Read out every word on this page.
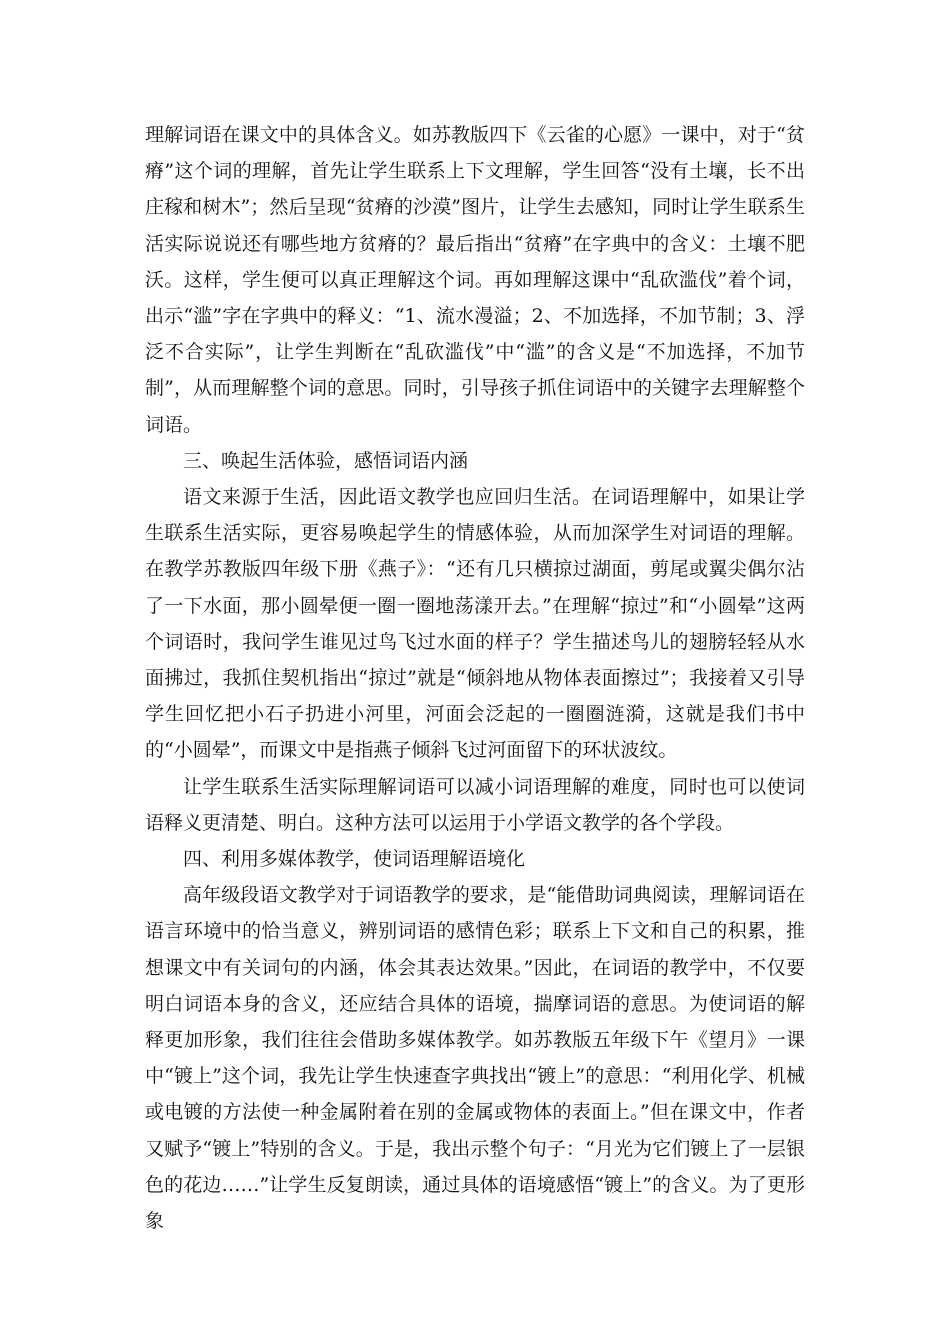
理解词语在课文中的具体含义。如苏教版四下《云雀的心愿》一课中，对于“贫瘠”这个词的理解，首先让学生联系上下文理解，学生回答“没有土壤，长不出庄稼和树木”；然后呈现“贫瘠的沙漠”图片，让学生去感知，同时让学生联系生活实际说说还有哪些地方贫瘠的？最后指出“贫瘠”在字典中的含义：土壤不肥沃。这样，学生便可以真正理解这个词。再如理解这课中“乱砍滥伐”着个词，出示“滥”字在字典中的释义：“1、流水漫溢；2、不加选择，不加节制；3、浮泛不合实际”，让学生判断在“乱砍滥伐”中“滥”的含义是“不加选择，不加节制”，从而理解整个词的意思。同时，引导孩子抓住词语中的关键字去理解整个词语。

三、唤起生活体验，感悟词语内涵

语文来源于生活，因此语文教学也应回归生活。在词语理解中，如果让学生联系生活实际，更容易唤起学生的情感体验，从而加深学生对词语的理解。在教学苏教版四年级下册《燕子》：“还有几只横掠过湖面，剪尾或翼尖偶尔沾了一下水面，那小圆晕便一圈一圈地荡漾开去。”在理解“掠过”和“小圆晕”这两个词语时，我问学生谁见过鸟飞过水面的样子？学生描述鸟儿的翅膀轻轻从水面拂过，我抓住契机指出“掠过”就是“倾斜地从物体表面擦过”；我接着又引导学生回忆把小石子扔进小河里，河面会泛起的一圈圈涟漪，这就是我们书中的“小圆晕”，而课文中是指燕子倾斜飞过河面留下的环状波纹。

让学生联系生活实际理解词语可以减小词语理解的难度，同时也可以使词语释义更清楚、明白。这种方法可以运用于小学语文教学的各个学段。

四、利用多媒体教学，使词语理解语境化

高年级段语文教学对于词语教学的要求，是“能借助词典阅读，理解词语在语言环境中的恰当意义，辨别词语的感情色彩；联系上下文和自己的积累，推想课文中有关词句的内涵，体会其表达效果。”因此，在词语的教学中，不仅要明白词语本身的含义，还应结合具体的语境，揣摩词语的意思。为使词语的解释更加形象，我们往往会借助多媒体教学。如苏教版五年级下午《望月》一课中“镀上”这个词，我先让学生快速查字典找出“镀上”的意思：“利用化学、机械或电镀的方法使一种金属附着在别的金属或物体的表面上。”但在课文中，作者又赋予“镀上”特别的含义。于是，我出示整个句子：“月光为它们镀上了一层银色的花边……”让学生反复朗读，通过具体的语境感悟“镀上”的含义。为了更形象
